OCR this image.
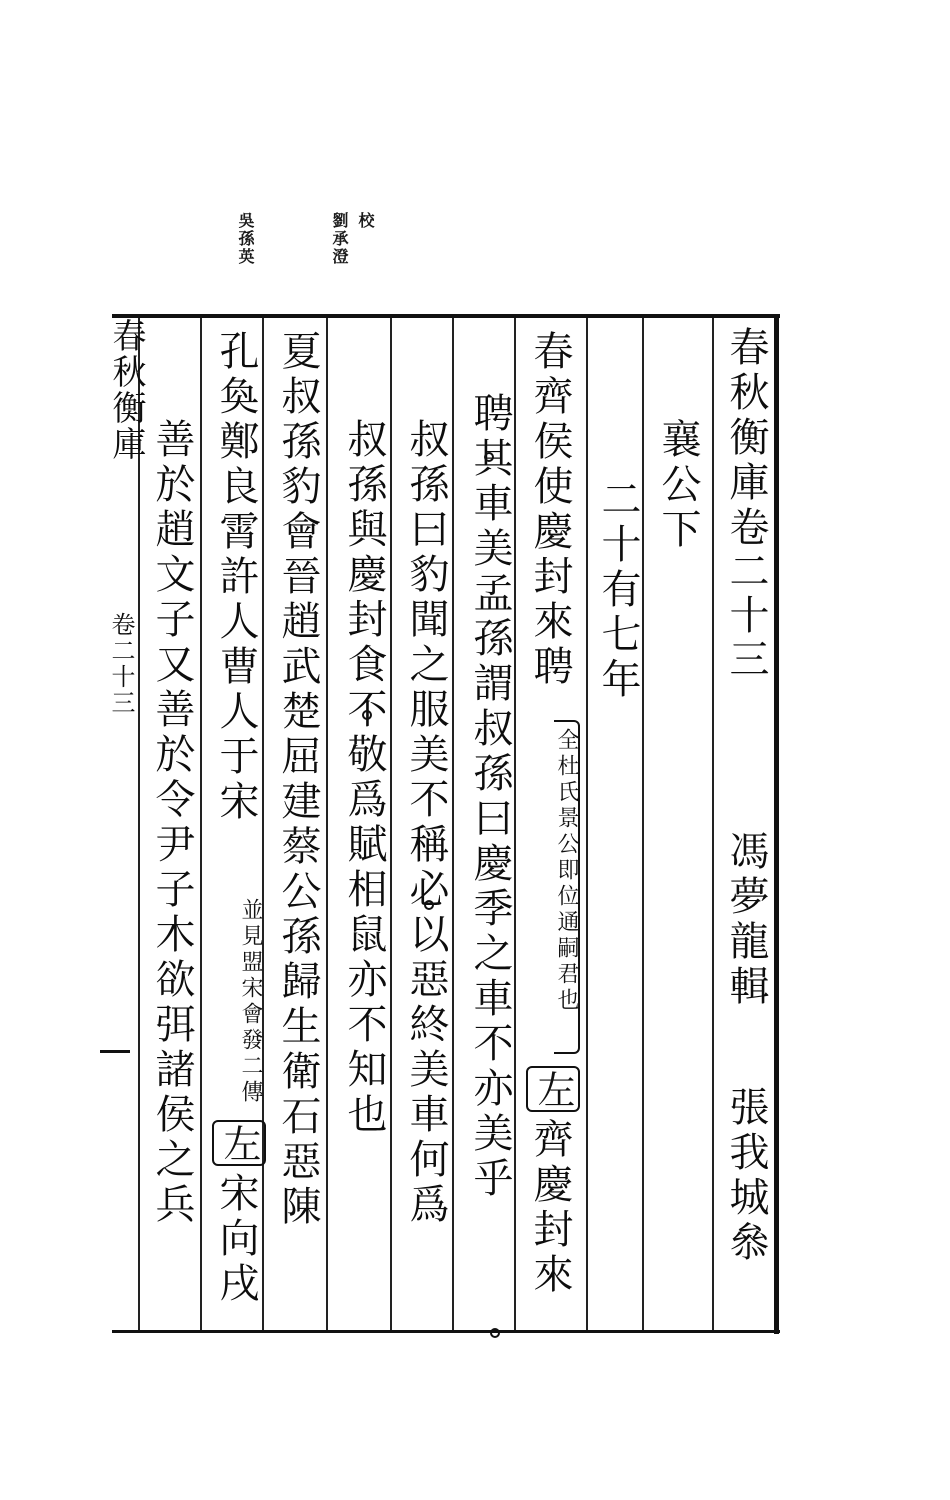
校
劉承澄
吳孫英
春秋衡庫卷二十三
馮夢龍輯
張我城叅
襄公下
二十有七年
春齊侯使慶封來聘
全杜氏景公即位通嗣君也
左
齊慶封來
聘其車美孟孫謂叔孫曰慶季之車不亦美乎
叔孫曰豹聞之服美不稱必以惡終美車何爲
叔孫與慶封食不敬爲賦相鼠亦不知也
夏叔孫豹會晉趙武楚屈建蔡公孫歸生衛石惡陳
孔奐鄭良霄許人曹人于宋
並見盟宋會發二傳
左
宋向戌
善於趙文子又善於令尹子木欲弭諸侯之兵
春秋衡庫
卷二十三
